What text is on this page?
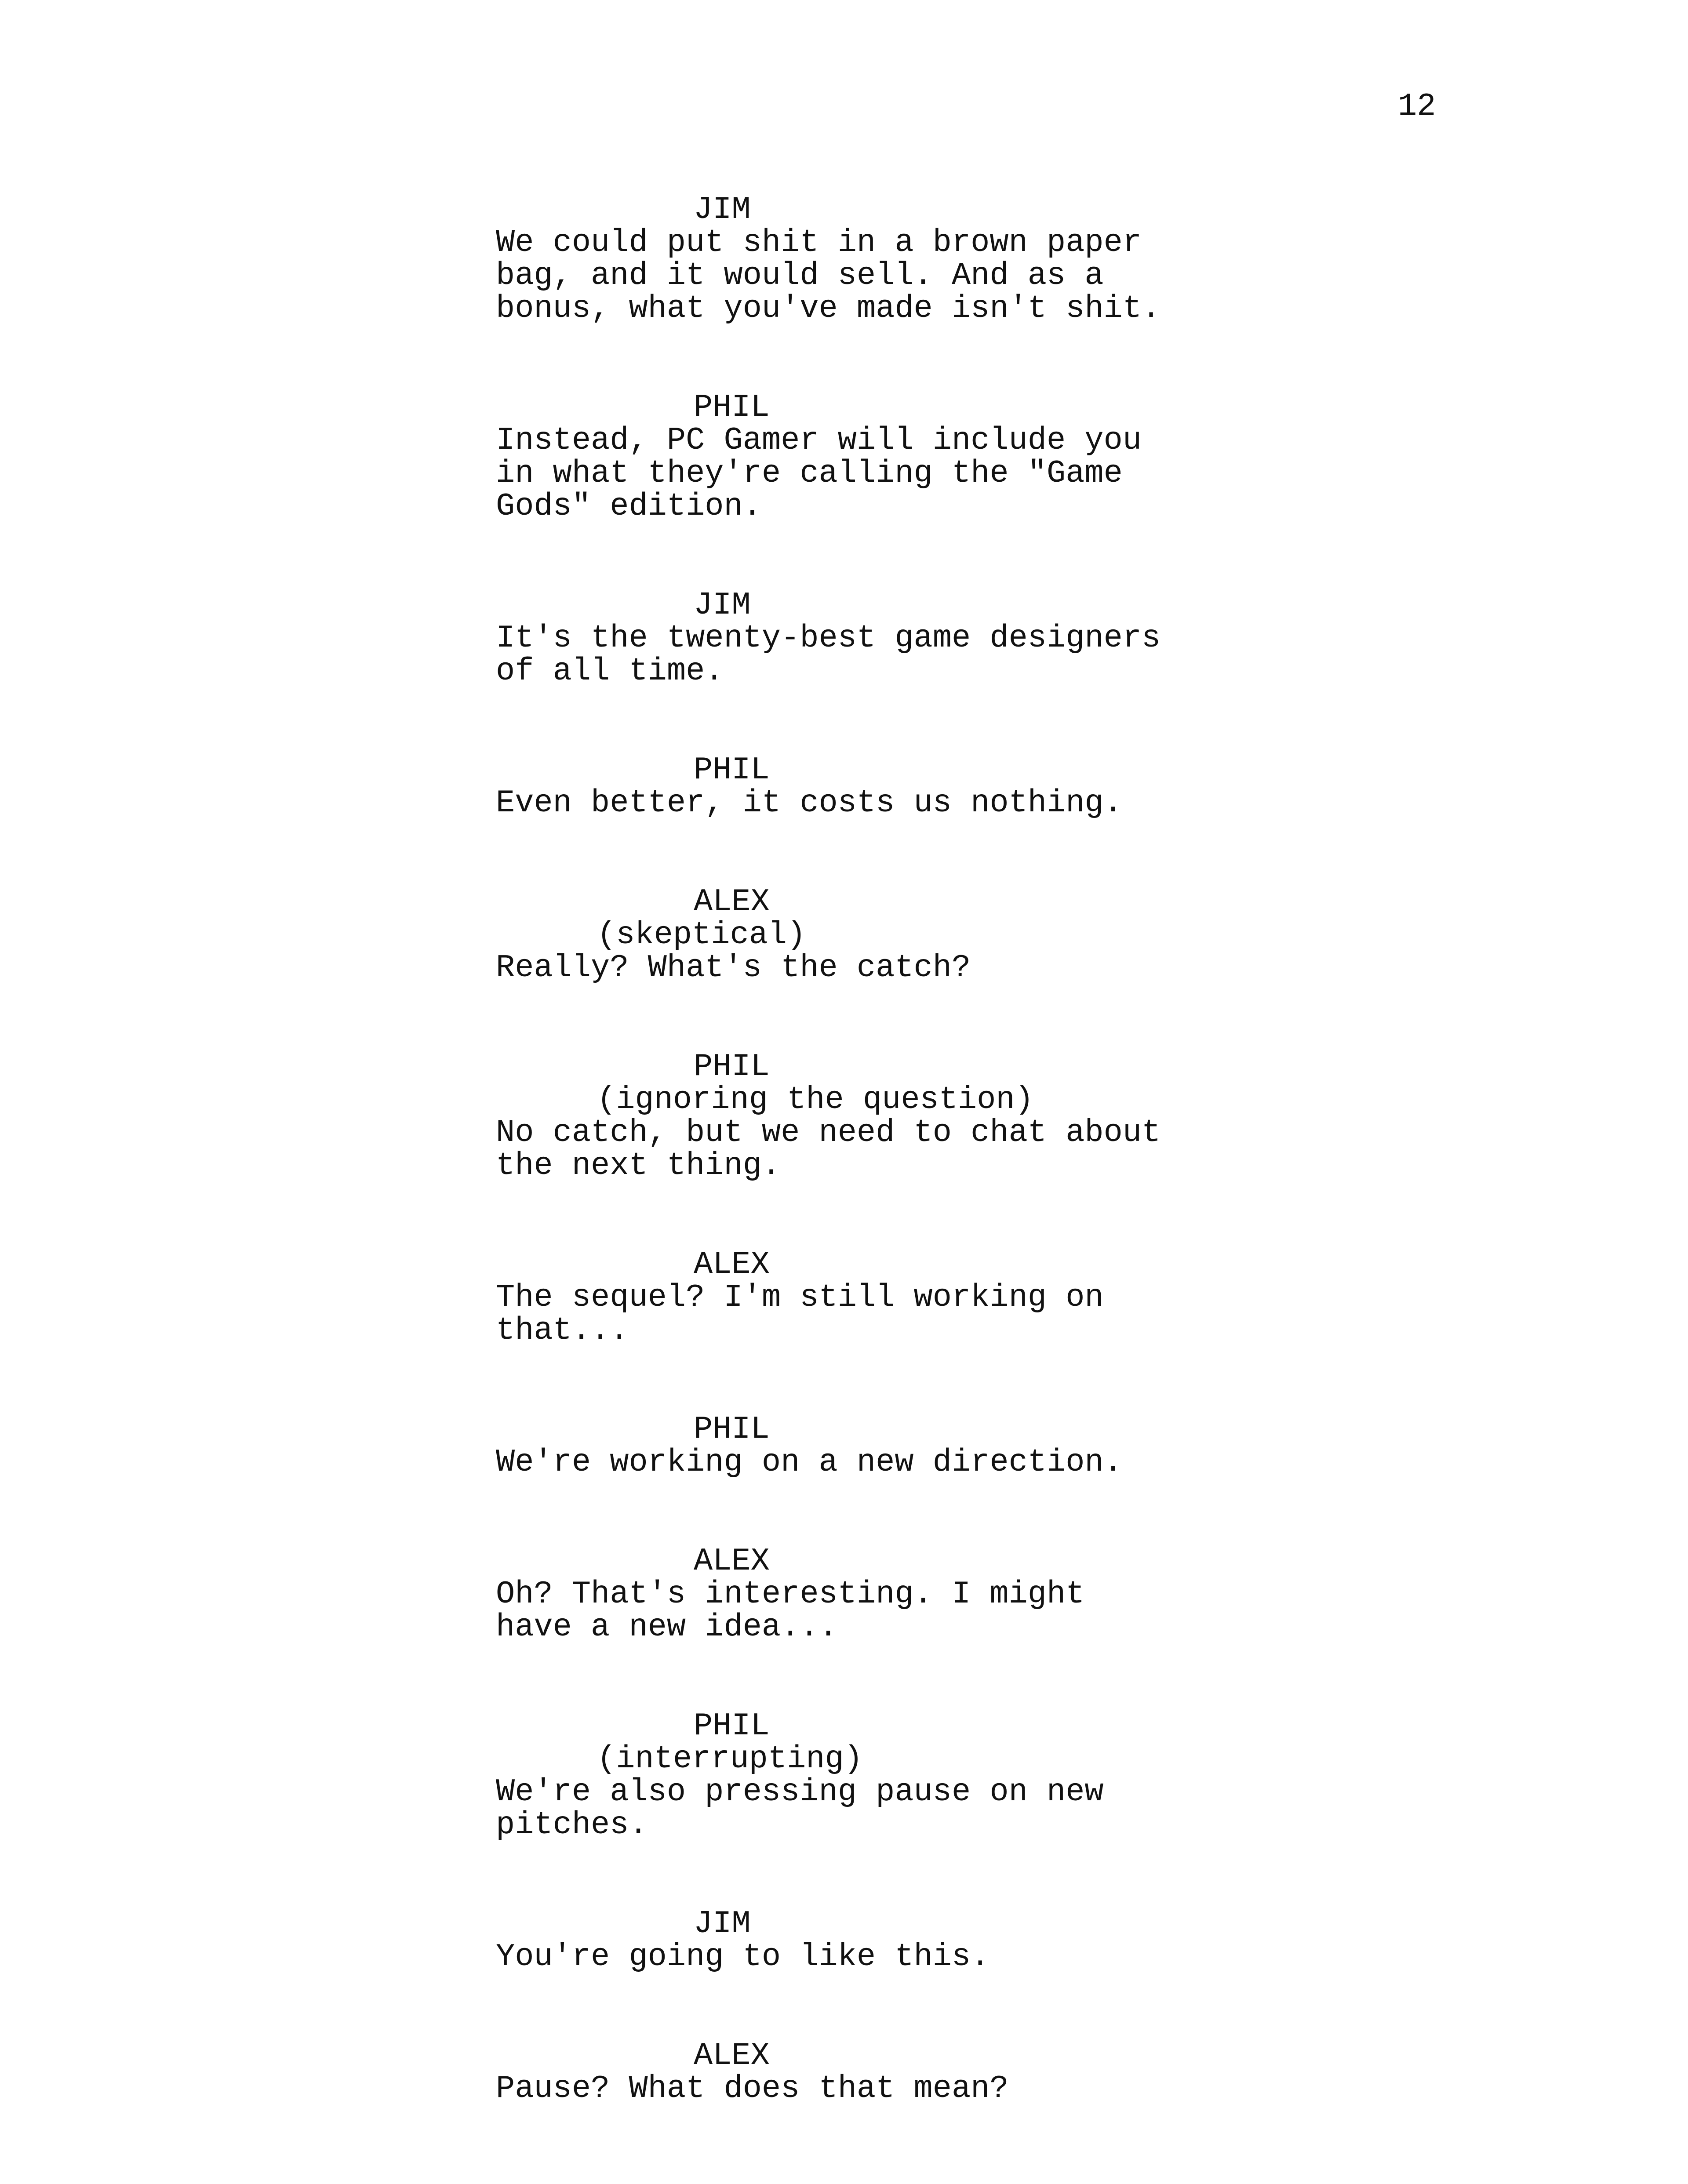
12
JIM
We could put shit in a brown paper
bag, and it would sell. And as a
bonus, what you've made isn't shit.
PHIL
Instead, PC Gamer will include you
in what they're calling the "Game
Gods" edition.
JIM
It's the twenty-best game designers
of all time.
PHIL
Even better, it costs us nothing.
ALEX
(skeptical)
Really? What's the catch?
PHIL
(ignoring the question)
No catch, but we need to chat about
the next thing.
ALEX
The sequel? I'm still working on
that...
PHIL
We're working on a new direction.
ALEX
Oh? That's interesting. I might
have a new idea...
PHIL
(interrupting)
We're also pressing pause on new
pitches.
JIM
You're going to like this.
ALEX
Pause? What does that mean?
